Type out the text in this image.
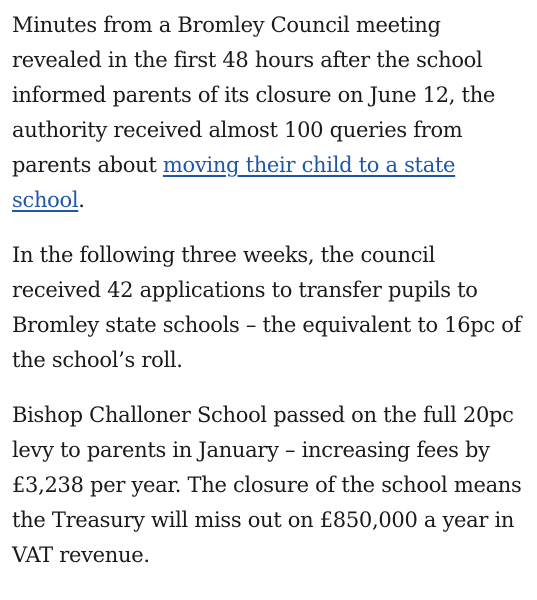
Minutes from a Bromley Council meeting revealed in the first 48 hours after the school informed parents of its closure on June 12, the authority received almost 100 queries from parents about moving their child to a state school.

In the following three weeks, the council received 42 applications to transfer pupils to Bromley state schools – the equivalent to 16pc of the school’s roll.

Bishop Challoner School passed on the full 20pc levy to parents in January – increasing fees by £3,238 per year. The closure of the school means the Treasury will miss out on £850,000 a year in VAT revenue.
